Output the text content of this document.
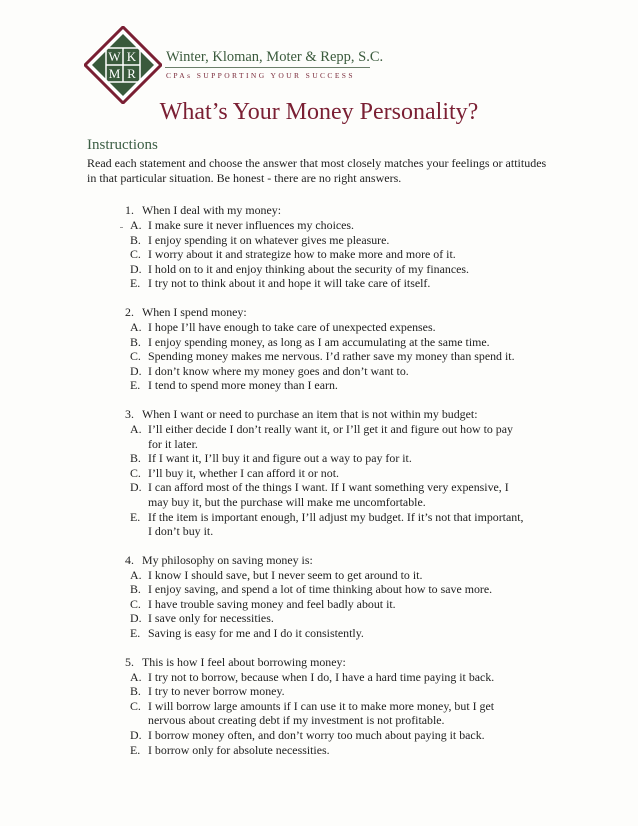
W K
M R
Winter, Kloman, Moter & Repp, S.C.
CPAs SUPPORTING YOUR SUCCESS
What’s Your Money Personality?
Instructions
Read each statement and choose the answer that most closely matches your feelings or attitudes in that particular situation. Be honest - there are no right answers.
1. When I deal with my money:
A. I make sure it never influences my choices.
B. I enjoy spending it on whatever gives me pleasure.
C. I worry about it and strategize how to make more and more of it.
D. I hold on to it and enjoy thinking about the security of my finances.
E. I try not to think about it and hope it will take care of itself.
2. When I spend money:
A. I hope I’ll have enough to take care of unexpected expenses.
B. I enjoy spending money, as long as I am accumulating at the same time.
C. Spending money makes me nervous. I’d rather save my money than spend it.
D. I don’t know where my money goes and don’t want to.
E. I tend to spend more money than I earn.
3. When I want or need to purchase an item that is not within my budget:
A. I’ll either decide I don’t really want it, or I’ll get it and figure out how to pay for it later.
B. If I want it, I’ll buy it and figure out a way to pay for it.
C. I’ll buy it, whether I can afford it or not.
D. I can afford most of the things I want. If I want something very expensive, I may buy it, but the purchase will make me uncomfortable.
E. If the item is important enough, I’ll adjust my budget. If it’s not that important, I don’t buy it.
4. My philosophy on saving money is:
A. I know I should save, but I never seem to get around to it.
B. I enjoy saving, and spend a lot of time thinking about how to save more.
C. I have trouble saving money and feel badly about it.
D. I save only for necessities.
E. Saving is easy for me and I do it consistently.
5. This is how I feel about borrowing money:
A. I try not to borrow, because when I do, I have a hard time paying it back.
B. I try to never borrow money.
C. I will borrow large amounts if I can use it to make more money, but I get nervous about creating debt if my investment is not profitable.
D. I borrow money often, and don’t worry too much about paying it back.
E. I borrow only for absolute necessities.
